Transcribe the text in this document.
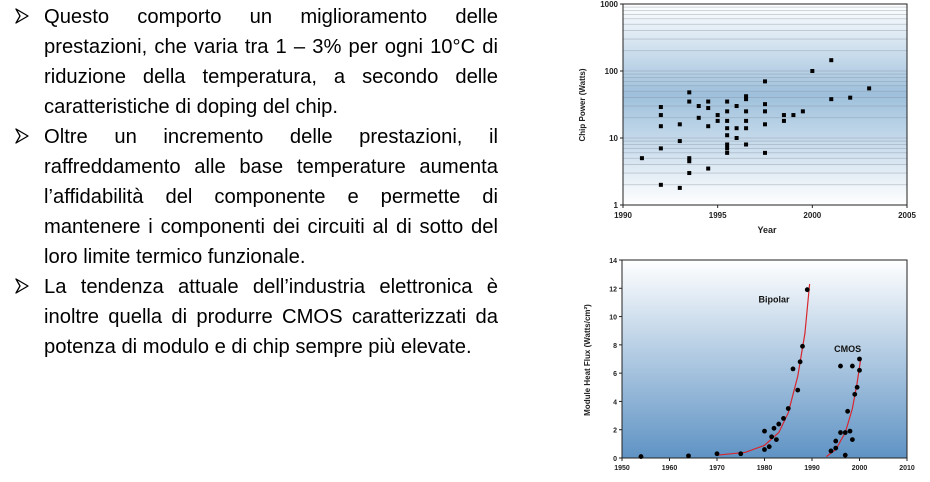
Questo comporto un miglioramento delle prestazioni, che varia tra 1 – 3% per ogni 10°C di riduzione della temperatura, a secondo delle caratteristiche di doping del chip.

Oltre un incremento delle prestazioni, il raffreddamento alle base temperature aumenta l’affidabilità del componente e permette di mantenere i componenti dei circuiti al di sotto del loro limite termico funzionale.

La tendenza attuale dell’industria elettronica è inoltre quella di produrre CMOS caratterizzati da potenza di modulo e di chip sempre più elevate.

1
10
100
1000
1990	1995	2000	2005
Year
Chip Power (Watts)
0
2
4
6
8
10
12
14
1950	1960	1970	1980	1990	2000	2010
Bipolar
CMOS
Module Heat Flux (Watts/cm²)
